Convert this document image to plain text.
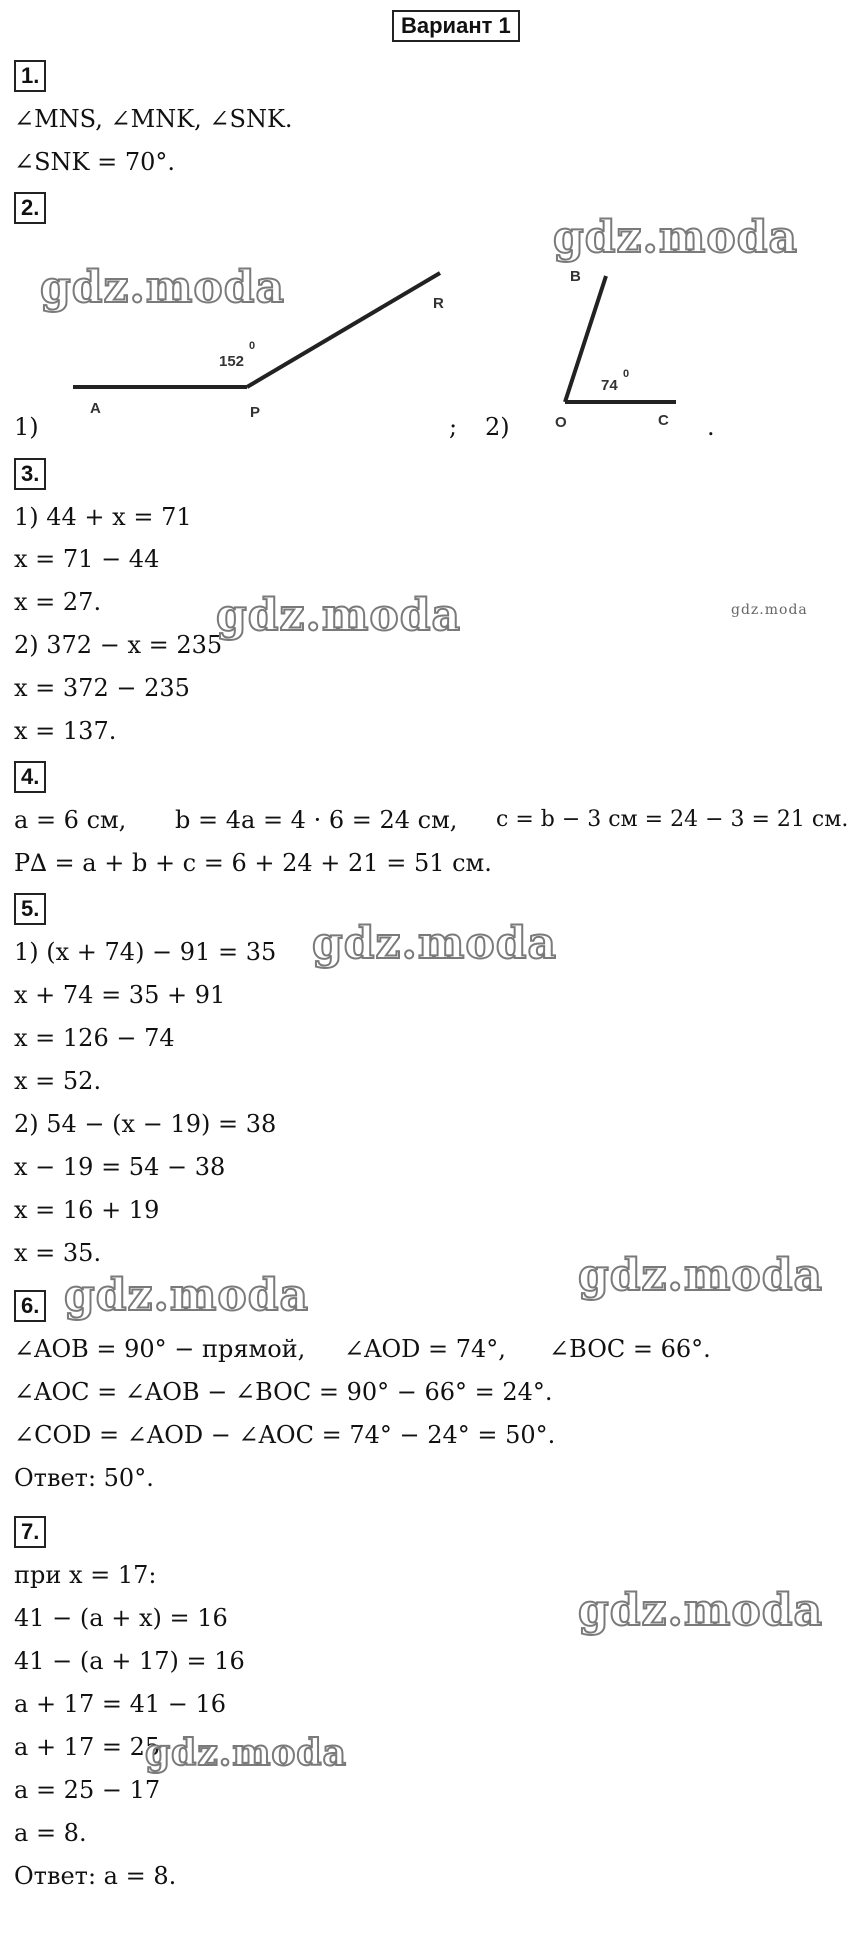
Вариант 1
1.
∠MNS, ∠MNK, ∠SNK.
∠SNK = 70°.
2.
A	P
R
152
0
B
O	C
74
0
1)	; 2)	.
3.
1) 44 + x = 71
x = 71 − 44
x = 27.
2) 372 − x = 235
x = 372 − 235
x = 137.
4.
a = 6 см, b = 4a = 4 · 6 = 24 см, c = b − 3 см = 24 − 3 = 21 см.
P∆ = a + b + c = 6 + 24 + 21 = 51 см.
5.
1) (x + 74) − 91 = 35
x + 74 = 35 + 91
x = 126 − 74
x = 52.
2) 54 − (x − 19) = 38
x − 19 = 54 − 38
x = 16 + 19
x = 35.
6.
∠AOB = 90° − прямой, ∠AOD = 74°, ∠BOC = 66°.
∠AOC = ∠AOB − ∠BOC = 90° − 66° = 24°.
∠COD = ∠AOD − ∠AOC = 74° − 24° = 50°.
Ответ: 50°.
7.
при x = 17:
41 − (a + x) = 16
41 − (a + 17) = 16
a + 17 = 41 − 16
a + 17 = 25
a = 25 − 17
a = 8.
Ответ: a = 8.
gdz.moda
gdz.moda
gdz.moda	gdz.moda
gdz.moda
gdz.moda
gdz.moda
gdz.moda
gdz.moda
